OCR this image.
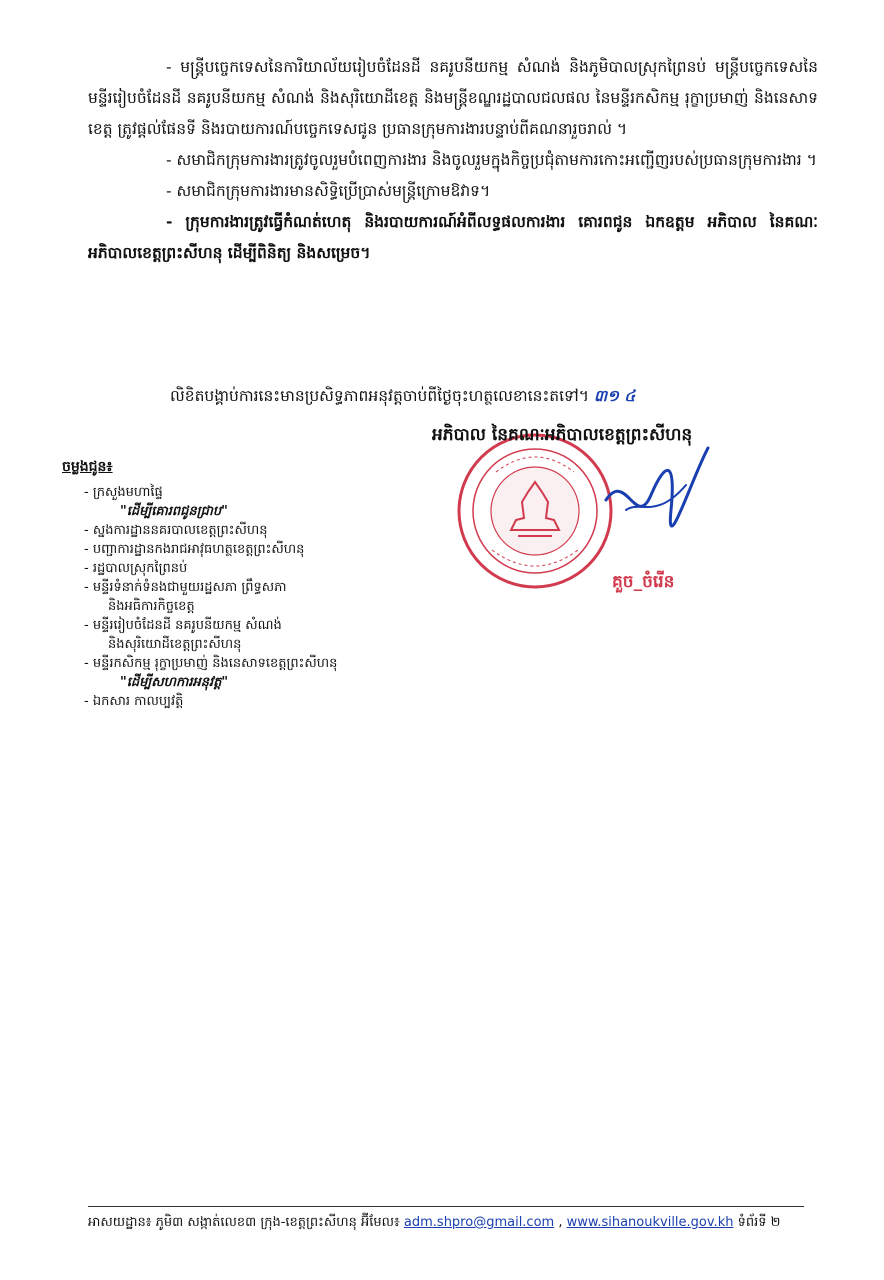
- មន្ត្រីបច្ចេកទេសនៃការិយាល័យរៀបចំដែនដី នគរូបនីយកម្ម សំណង់ និងភូមិបាលស្រុកព្រៃនប់ មន្ត្រីបច្ចេកទេសនៃមន្ទីររៀបចំដែនដី នគរូបនីយកម្ម សំណង់ និងសុរិយោដីខេត្ត និងមន្ត្រីខណ្ឌរដ្ឋបាលជលផល នៃមន្ទីរកសិកម្ម រុក្ខាប្រមាញ់ និងនេសាទខេត្ត ត្រូវផ្តល់ផែនទី និងរបាយការណ៍បច្ចេកទេសជូន ប្រធានក្រុមការងារបន្ទាប់ពីគណនារួចរាល់ ។

- សមាជិកក្រុមការងារត្រូវចូលរួមបំពេញការងារ និងចូលរួមក្នុងកិច្ចប្រជុំតាមការកោះអញ្ជើញរបស់ប្រធានក្រុមការងារ ។

- សមាជិកក្រុមការងារមានសិទ្ធិប្រើប្រាស់មន្ត្រីក្រោមឱវាទ។

- ក្រុមការងារត្រូវធ្វើកំណត់ហេតុ និងរបាយការណ៍អំពីលទ្ធផលការងារ គោរពជូន ឯកឧត្តម អភិបាល នៃគណៈអភិបាលខេត្តព្រះសីហនុ ដើម្បីពិនិត្យ និងសម្រេច។

លិខិតបង្គាប់ការនេះមានប្រសិទ្ធភាពអនុវត្តចាប់ពីថ្ងៃចុះហត្ថលេខានេះតទៅ។ ៣១ ៤
អភិបាល នៃគណៈអភិបាលខេត្តព្រះសីហនុ
គួច_ចំរើន
ចម្លងជូន៖
- ក្រសួងមហាផ្ទៃ
"ដើម្បីគោរពជូនជ្រាប"
- ស្នងការដ្ឋាននគរបាលខេត្តព្រះសីហនុ
- បញ្ជាការដ្ឋានកងរាជអាវុធហត្ថខេត្តព្រះសីហនុ
- រដ្ឋបាលស្រុកព្រៃនប់
- មន្ទីរទំនាក់ទំនងជាមួយរដ្ឋសភា ព្រឹទ្ធសភា
និងអធិការកិច្ចខេត្ត
- មន្ទីររៀបចំដែនដី នគរូបនីយកម្ម សំណង់
និងសុរិយោដីខេត្តព្រះសីហនុ
- មន្ទីរកសិកម្ម រុក្ខាប្រមាញ់ និងនេសាទខេត្តព្រះសីហនុ
"ដើម្បីសហការអនុវត្ត"
- ឯកសារ កាលប្បវត្តិ
អាសយដ្ឋាន៖ ភូមិ៣ សង្កាត់លេខ៣ ក្រុង-ខេត្តព្រះសីហនុ អ៊ីមែល៖ adm.shpro@gmail.com , www.sihanoukville.gov.kh ទំព័រទី ២
